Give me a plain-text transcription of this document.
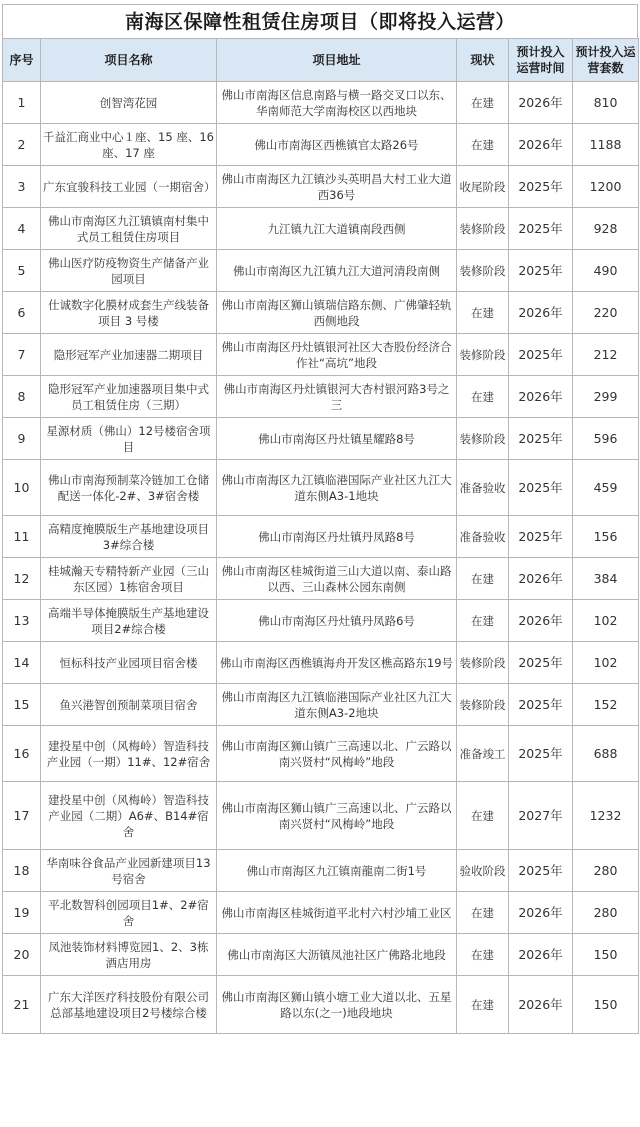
南海区保障性租赁住房项目（即将投入运营）
序号	项目名称	项目地址	现状	预计投入运营时间	预计投入运营套数
1	创智湾花园	佛山市南海区信息南路与横一路交叉口以东、华南师范大学南海校区以西地块	在建	2026年	810
2	千益汇商业中心１座、15 座、16 座、17 座	佛山市南海区西樵镇官太路26号	在建	2026年	1188
3	广东宜骏科技工业园（一期宿舍）	佛山市南海区九江镇沙头英明昌大村工业大道西36号	收尾阶段	2025年	1200
4	佛山市南海区九江镇镇南村集中式员工租赁住房项目	九江镇九江大道镇南段西侧	装修阶段	2025年	928
5	佛山医疗防疫物资生产储备产业园项目	佛山市南海区九江镇九江大道河清段南侧	装修阶段	2025年	490
6	仕诚数字化膜材成套生产线装备项目 3 号楼	佛山市南海区狮山镇瑞信路东侧、广佛肇轻轨西侧地段	在建	2026年	220
7	隐形冠军产业加速器二期项目	佛山市南海区丹灶镇银河社区大杏股份经济合作社“高坑”地段	装修阶段	2025年	212
8	隐形冠军产业加速器项目集中式员工租赁住房（三期）	佛山市南海区丹灶镇银河大杏村银河路3号之三	在建	2026年	299
9	星源材质（佛山）12号楼宿舍项目	佛山市南海区丹灶镇星耀路8号	装修阶段	2025年	596
10	佛山市南海预制菜冷链加工仓储配送一体化-2#、3#宿舍楼	佛山市南海区九江镇临港国际产业社区九江大道东侧A3-1地块	准备验收	2025年	459
11	高精度掩膜版生产基地建设项目3#综合楼	佛山市南海区丹灶镇丹凤路8号	准备验收	2025年	156
12	桂城瀚天专精特新产业园（三山东区园）1栋宿舍项目	佛山市南海区桂城街道三山大道以南、泰山路以西、三山森林公园东南侧	在建	2026年	384
13	高端半导体掩膜版生产基地建设项目2#综合楼	佛山市南海区丹灶镇丹凤路6号	在建	2026年	102
14	恒标科技产业园项目宿舍楼	佛山市南海区西樵镇海舟开发区樵高路东19号	装修阶段	2025年	102
15	鱼兴港智创预制菜项目宿舍	佛山市南海区九江镇临港国际产业社区九江大道东侧A3-2地块	装修阶段	2025年	152
16	建投星中创（风梅岭）智造科技产业园（一期）11#、12#宿舍	佛山市南海区狮山镇广三高速以北、广云路以南兴贤村“风梅岭”地段	准备竣工	2025年	688
17	建投星中创（风梅岭）智造科技产业园（二期）A6#、B14#宿舍	佛山市南海区狮山镇广三高速以北、广云路以南兴贤村“风梅岭”地段	在建	2027年	1232
18	华南味谷食品产业园新建项目13号宿舍	佛山市南海区九江镇南龍南二街1号	验收阶段	2025年	280
19	平北数智科创园项目1#、2#宿舍	佛山市南海区桂城街道平北村六村沙埔工业区	在建	2026年	280
20	凤池装饰材料博览园1、2、3栋酒店用房	佛山市南海区大沥镇凤池社区广佛路北地段	在建	2026年	150
21	广东大洋医疗科技股份有限公司总部基地建设项目2号楼综合楼	佛山市南海区狮山镇小塘工业大道以北、五星路以东(之一)地段地块	在建	2026年	150
